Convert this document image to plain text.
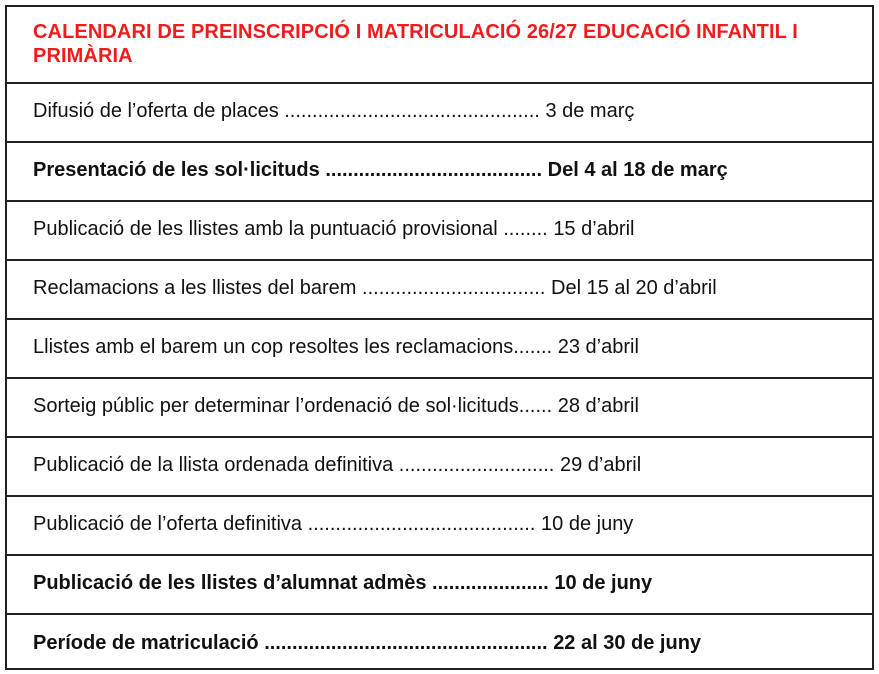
CALENDARI DE PREINSCRIPCIÓ I MATRICULACIÓ 26/27 EDUCACIÓ INFANTIL I PRIMÀRIA
Difusió de l’oferta de places .............................................. 3 de març
Presentació de les sol·licituds ....................................... Del 4 al 18 de març
Publicació de les llistes amb la puntuació provisional ........ 15 d’abril
Reclamacions a les llistes del barem ................................. Del 15 al 20 d’abril
Llistes amb el barem un cop resoltes les reclamacions....... 23 d’abril
Sorteig públic per determinar l’ordenació de sol·licituds...... 28 d’abril
Publicació de la llista ordenada definitiva ............................ 29 d’abril
Publicació de l’oferta definitiva ......................................... 10 de juny
Publicació de les llistes d’alumnat admès ..................... 10 de juny
Període de matriculació ................................................... 22 al 30 de juny
